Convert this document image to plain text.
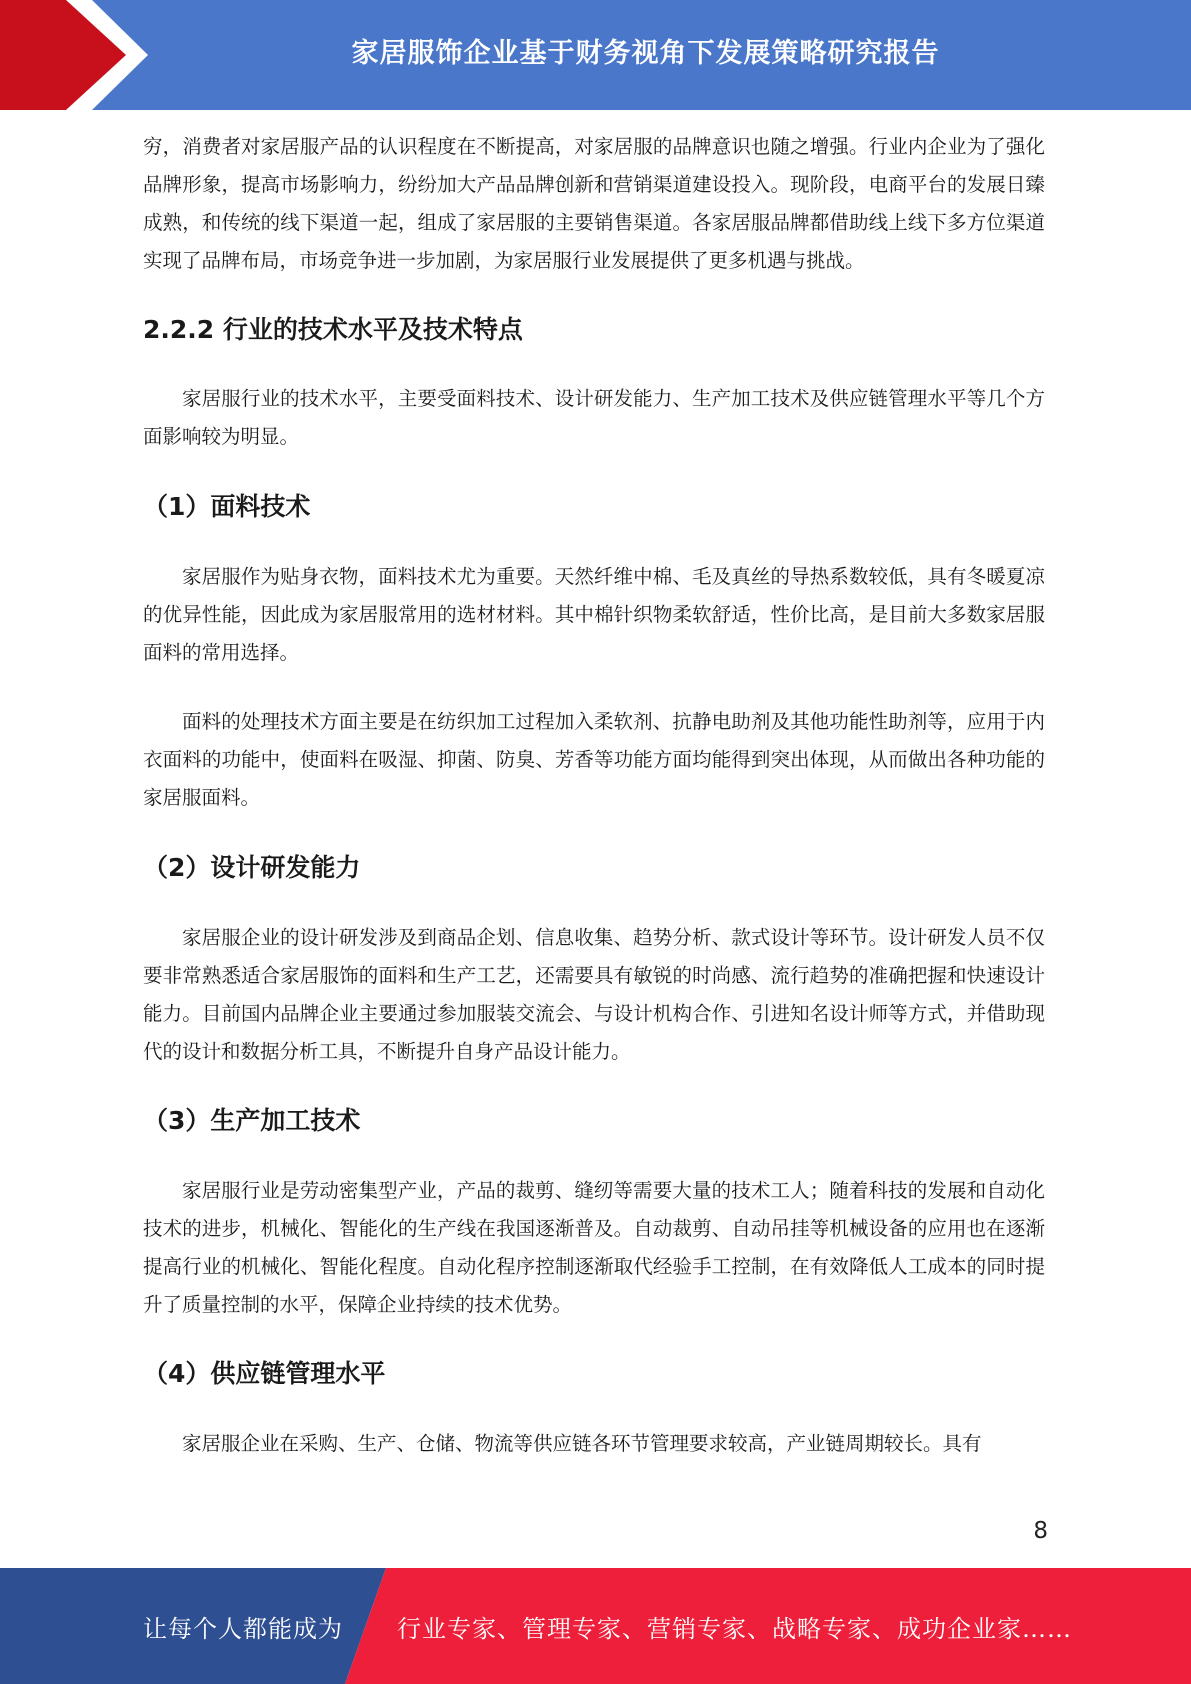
家居服饰企业基于财务视角下发展策略研究报告

穷，消费者对家居服产品的认识程度在不断提高，对家居服的品牌意识也随之增强。行业内企业为了强化品牌形象，提高市场影响力，纷纷加大产品品牌创新和营销渠道建设投入。现阶段，电商平台的发展日臻成熟，和传统的线下渠道一起，组成了家居服的主要销售渠道。各家居服品牌都借助线上线下多方位渠道实现了品牌布局，市场竞争进一步加剧，为家居服行业发展提供了更多机遇与挑战。

2.2.2 行业的技术水平及技术特点

家居服行业的技术水平，主要受面料技术、设计研发能力、生产加工技术及供应链管理水平等几个方面影响较为明显。

（1）面料技术

家居服作为贴身衣物，面料技术尤为重要。天然纤维中棉、毛及真丝的导热系数较低，具有冬暖夏凉的优异性能，因此成为家居服常用的选材材料。其中棉针织物柔软舒适，性价比高，是目前大多数家居服面料的常用选择。

面料的处理技术方面主要是在纺织加工过程加入柔软剂、抗静电助剂及其他功能性助剂等，应用于内衣面料的功能中，使面料在吸湿、抑菌、防臭、芳香等功能方面均能得到突出体现，从而做出各种功能的家居服面料。

（2）设计研发能力

家居服企业的设计研发涉及到商品企划、信息收集、趋势分析、款式设计等环节。设计研发人员不仅要非常熟悉适合家居服饰的面料和生产工艺，还需要具有敏锐的时尚感、流行趋势的准确把握和快速设计能力。目前国内品牌企业主要通过参加服装交流会、与设计机构合作、引进知名设计师等方式，并借助现代的设计和数据分析工具，不断提升自身产品设计能力。

（3）生产加工技术

家居服行业是劳动密集型产业，产品的裁剪、缝纫等需要大量的技术工人；随着科技的发展和自动化技术的进步，机械化、智能化的生产线在我国逐渐普及。自动裁剪、自动吊挂等机械设备的应用也在逐渐提高行业的机械化、智能化程度。自动化程序控制逐渐取代经验手工控制，在有效降低人工成本的同时提升了质量控制的水平，保障企业持续的技术优势。

（4）供应链管理水平

家居服企业在采购、生产、仓储、物流等供应链各环节管理要求较高，产业链周期较长。具有

8
让每个人都能成为 行业专家、管理专家、营销专家、战略专家、成功企业家……
